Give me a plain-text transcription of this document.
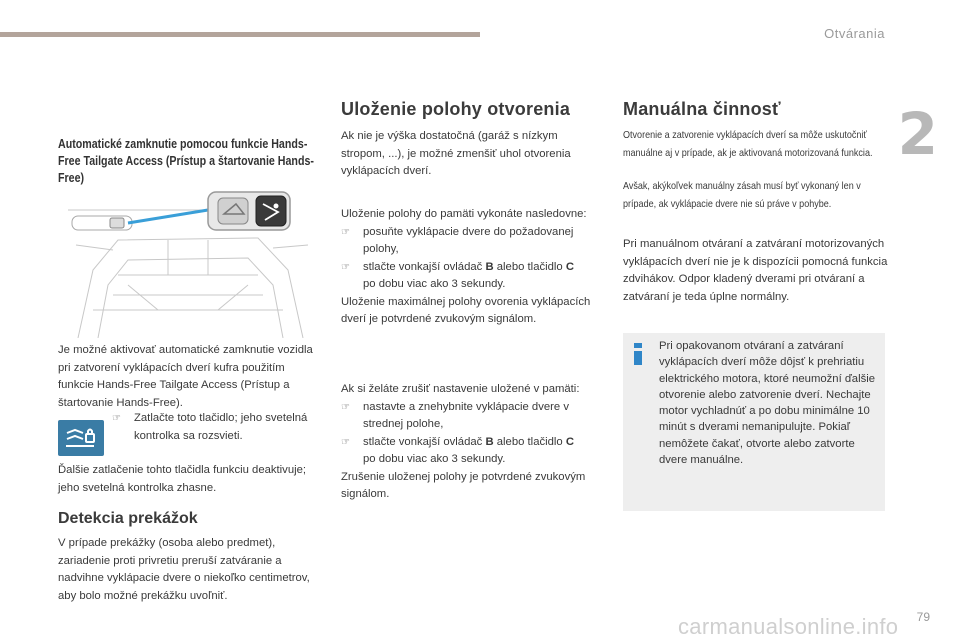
Otvárania
2
79
carmanualsonline.info
Automatické zamknutie pomocou funkcie Hands-Free Tailgate Access (Prístup a štartovanie Hands-Free)
Je možné aktivovať automatické zamknutie vozidla pri zatvorení vyklápacích dverí kufra použitím funkcie Hands-Free Tailgate Access (Prístup a štartovanie Hands-Free).
☞ Zatlačte toto tlačidlo; jeho svetelná kontrolka sa rozsvieti.
Ďalšie zatlačenie tohto tlačidla funkciu deaktivuje; jeho svetelná kontrolka zhasne.
Detekcia prekážok
V prípade prekážky (osoba alebo predmet), zariadenie proti privretiu preruší zatváranie a nadvihne vyklápacie dvere o niekoľko centimetrov, aby bolo možné prekážku uvoľniť.
Uloženie polohy otvorenia
Ak nie je výška dostatočná (garáž s nízkym stropom, ...), je možné zmenšiť uhol otvorenia vyklápacích dverí.
Uloženie polohy do pamäti vykonáte nasledovne:
☞ posuňte vyklápacie dvere do požadovanej polohy,
☞ stlačte vonkajší ovládač B alebo tlačidlo C
po dobu viac ako 3 sekundy.
Uloženie maximálnej polohy ovorenia vyklápacích dverí je potvrdené zvukovým signálom.
Ak si želáte zrušiť nastavenie uložené v pamäti:
☞ nastavte a znehybnite vyklápacie dvere v strednej polohe,
☞ stlačte vonkajší ovládač B alebo tlačidlo C
po dobu viac ako 3 sekundy.
Zrušenie uloženej polohy je potvrdené zvukovým signálom.
Manuálna činnosť
Otvorenie a zatvorenie vyklápacích dverí sa môže uskutočniť manuálne aj v prípade, ak je aktivovaná motorizovaná funkcia.
Avšak, akýkoľvek manuálny zásah musí byť vykonaný len v prípade, ak vyklápacie dvere nie sú práve v pohybe.
Pri manuálnom otváraní a zatváraní motorizovaných vyklápacích dverí nie je k dispozícii pomocná funkcia zdvihákov. Odpor kladený dverami pri otváraní a zatváraní je teda úplne normálny.
Pri opakovanom otváraní a zatváraní vyklápacích dverí môže dôjsť k prehriatiu elektrického motora, ktoré neumožní ďalšie otvorenie alebo zatvorenie dverí. Nechajte motor vychladnúť a po dobu minimálne 10 minút s dverami nemanipulujte. Pokiaľ nemôžete čakať, otvorte alebo zatvorte dvere manuálne.
